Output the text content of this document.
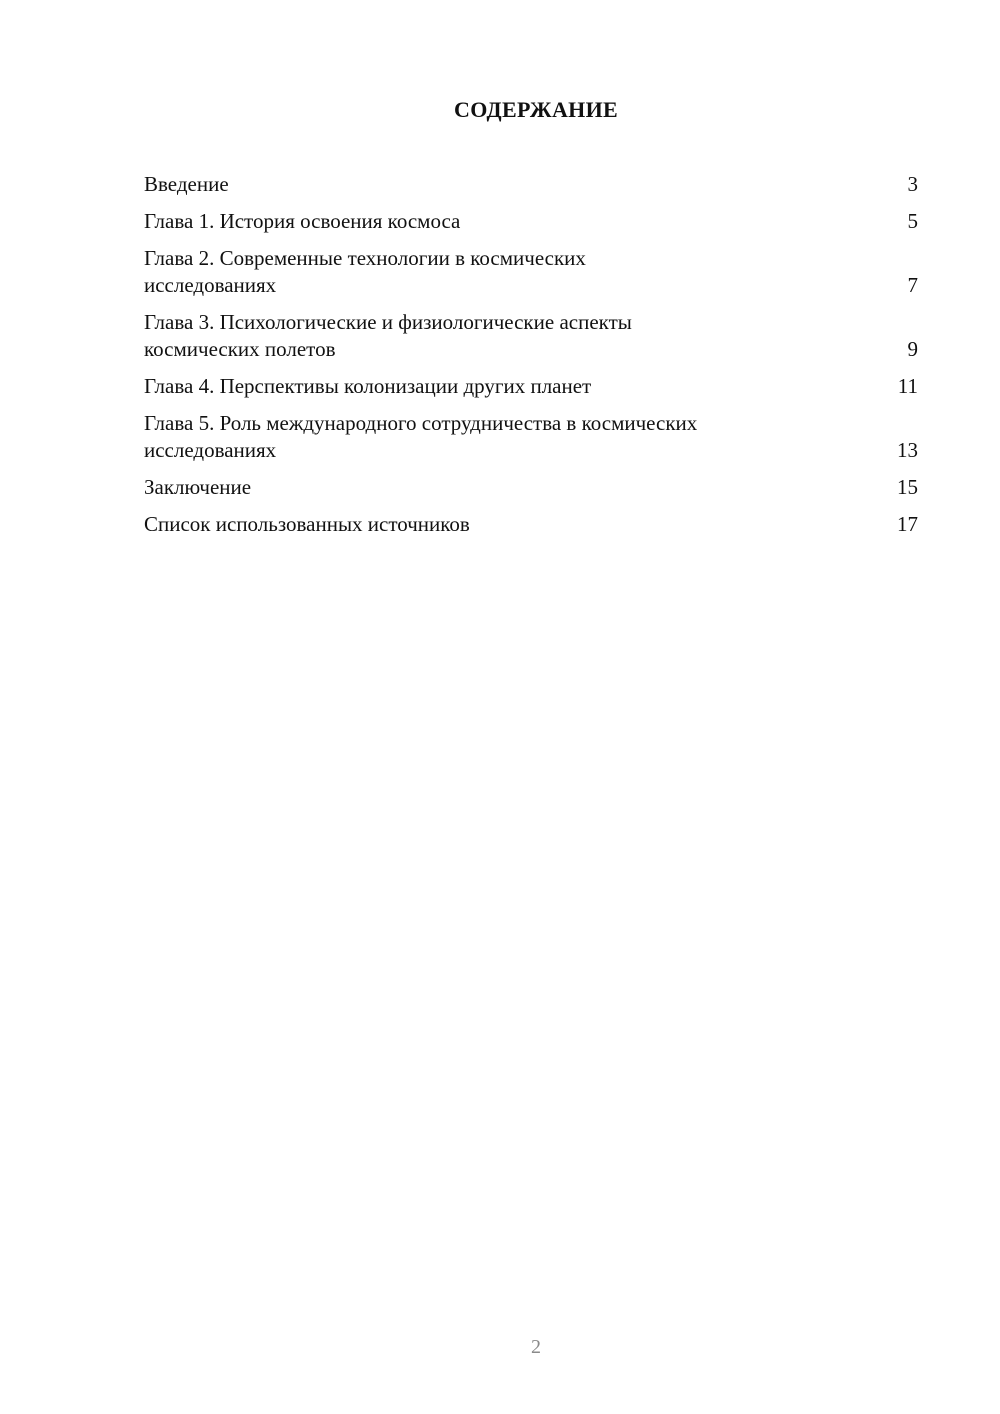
СОДЕРЖАНИЕ
Введение	3
Глава 1. История освоения космоса	5
Глава 2. Современные технологии в космических исследованиях	7
Глава 3. Психологические и физиологические аспекты космических полетов	9
Глава 4. Перспективы колонизации других планет	11
Глава 5. Роль международного сотрудничества в космических исследованиях	13
Заключение	15
Список использованных источников	17
2
